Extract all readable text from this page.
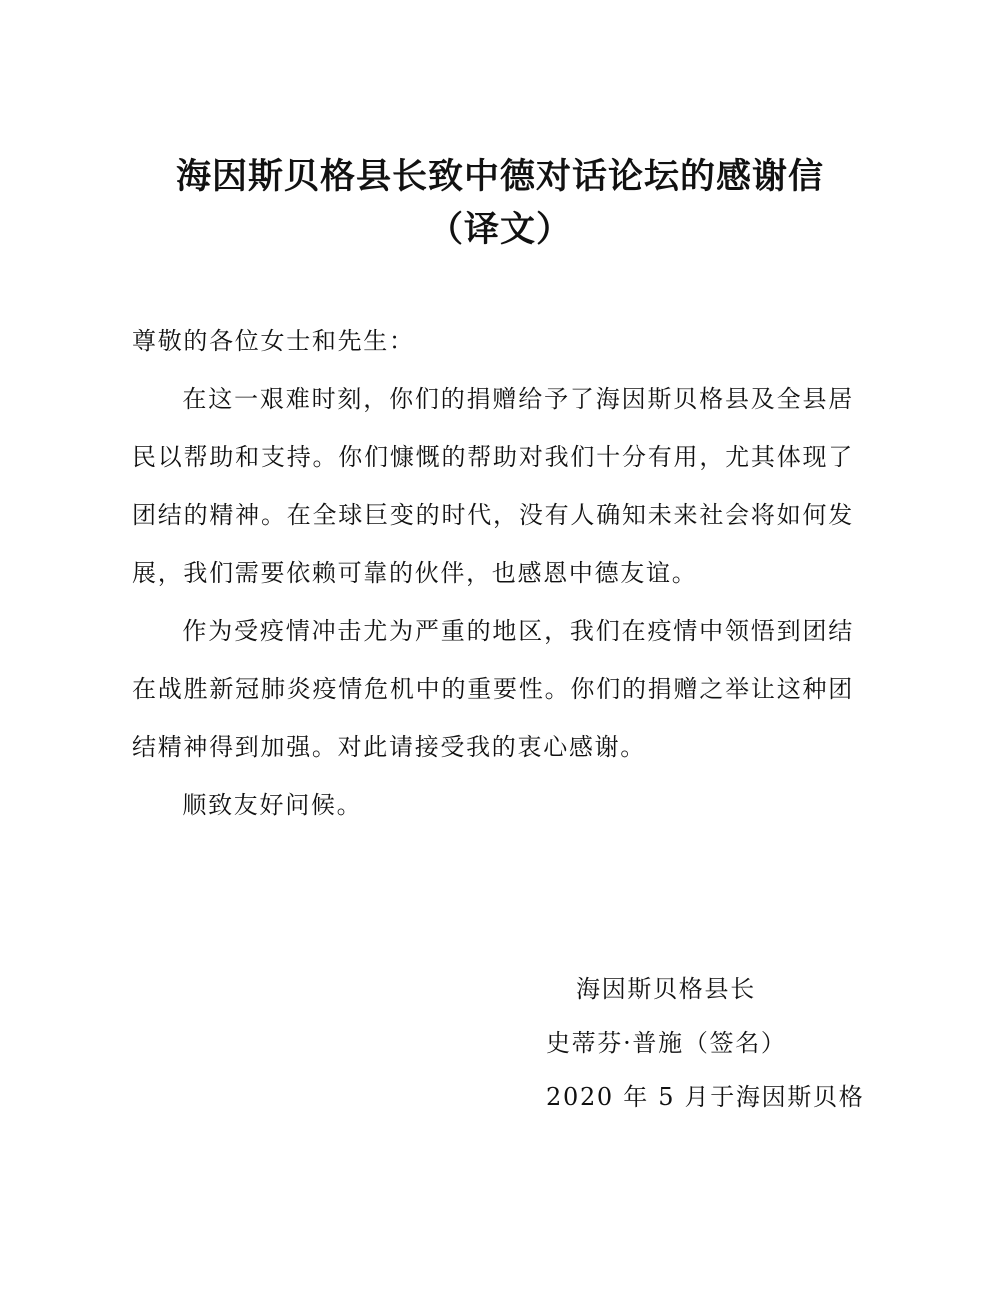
海因斯贝格县长致中德对话论坛的感谢信
（译文）
尊敬的各位女士和先生：

在这一艰难时刻，你们的捐赠给予了海因斯贝格县及全县居民以帮助和支持。你们慷慨的帮助对我们十分有用，尤其体现了团结的精神。在全球巨变的时代，没有人确知未来社会将如何发展，我们需要依赖可靠的伙伴，也感恩中德友谊。

作为受疫情冲击尤为严重的地区，我们在疫情中领悟到团结在战胜新冠肺炎疫情危机中的重要性。你们的捐赠之举让这种团结精神得到加强。对此请接受我的衷心感谢。

顺致友好问候。

海因斯贝格县长
史蒂芬·普施（签名）
2020 年 5 月于海因斯贝格
